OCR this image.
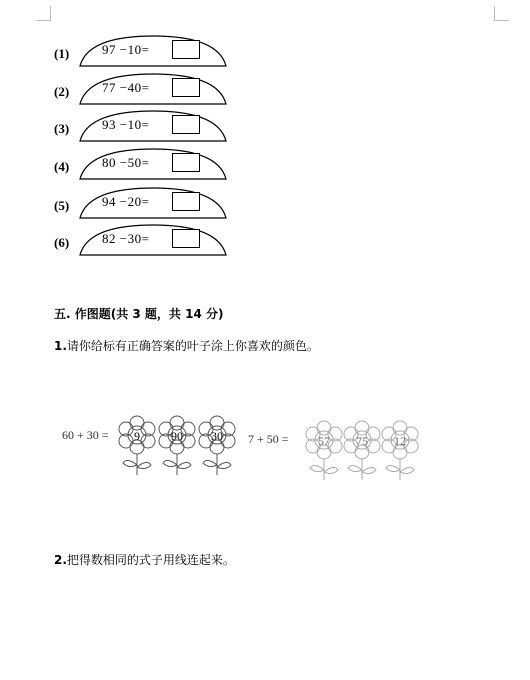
(1)	97 −10=
(2)	77 −40=
(3)	93 −10=
(4)	80 −50=
(5)	94 −20=
(6)	82 −30=
五. 作图题(共 3 题，共 14 分)
1.请你给标有正确答案的叶子涂上你喜欢的颜色。
60 + 30 =	9	90	30	7 + 50 =	57	75	12
2.把得数相同的式子用线连起来。
